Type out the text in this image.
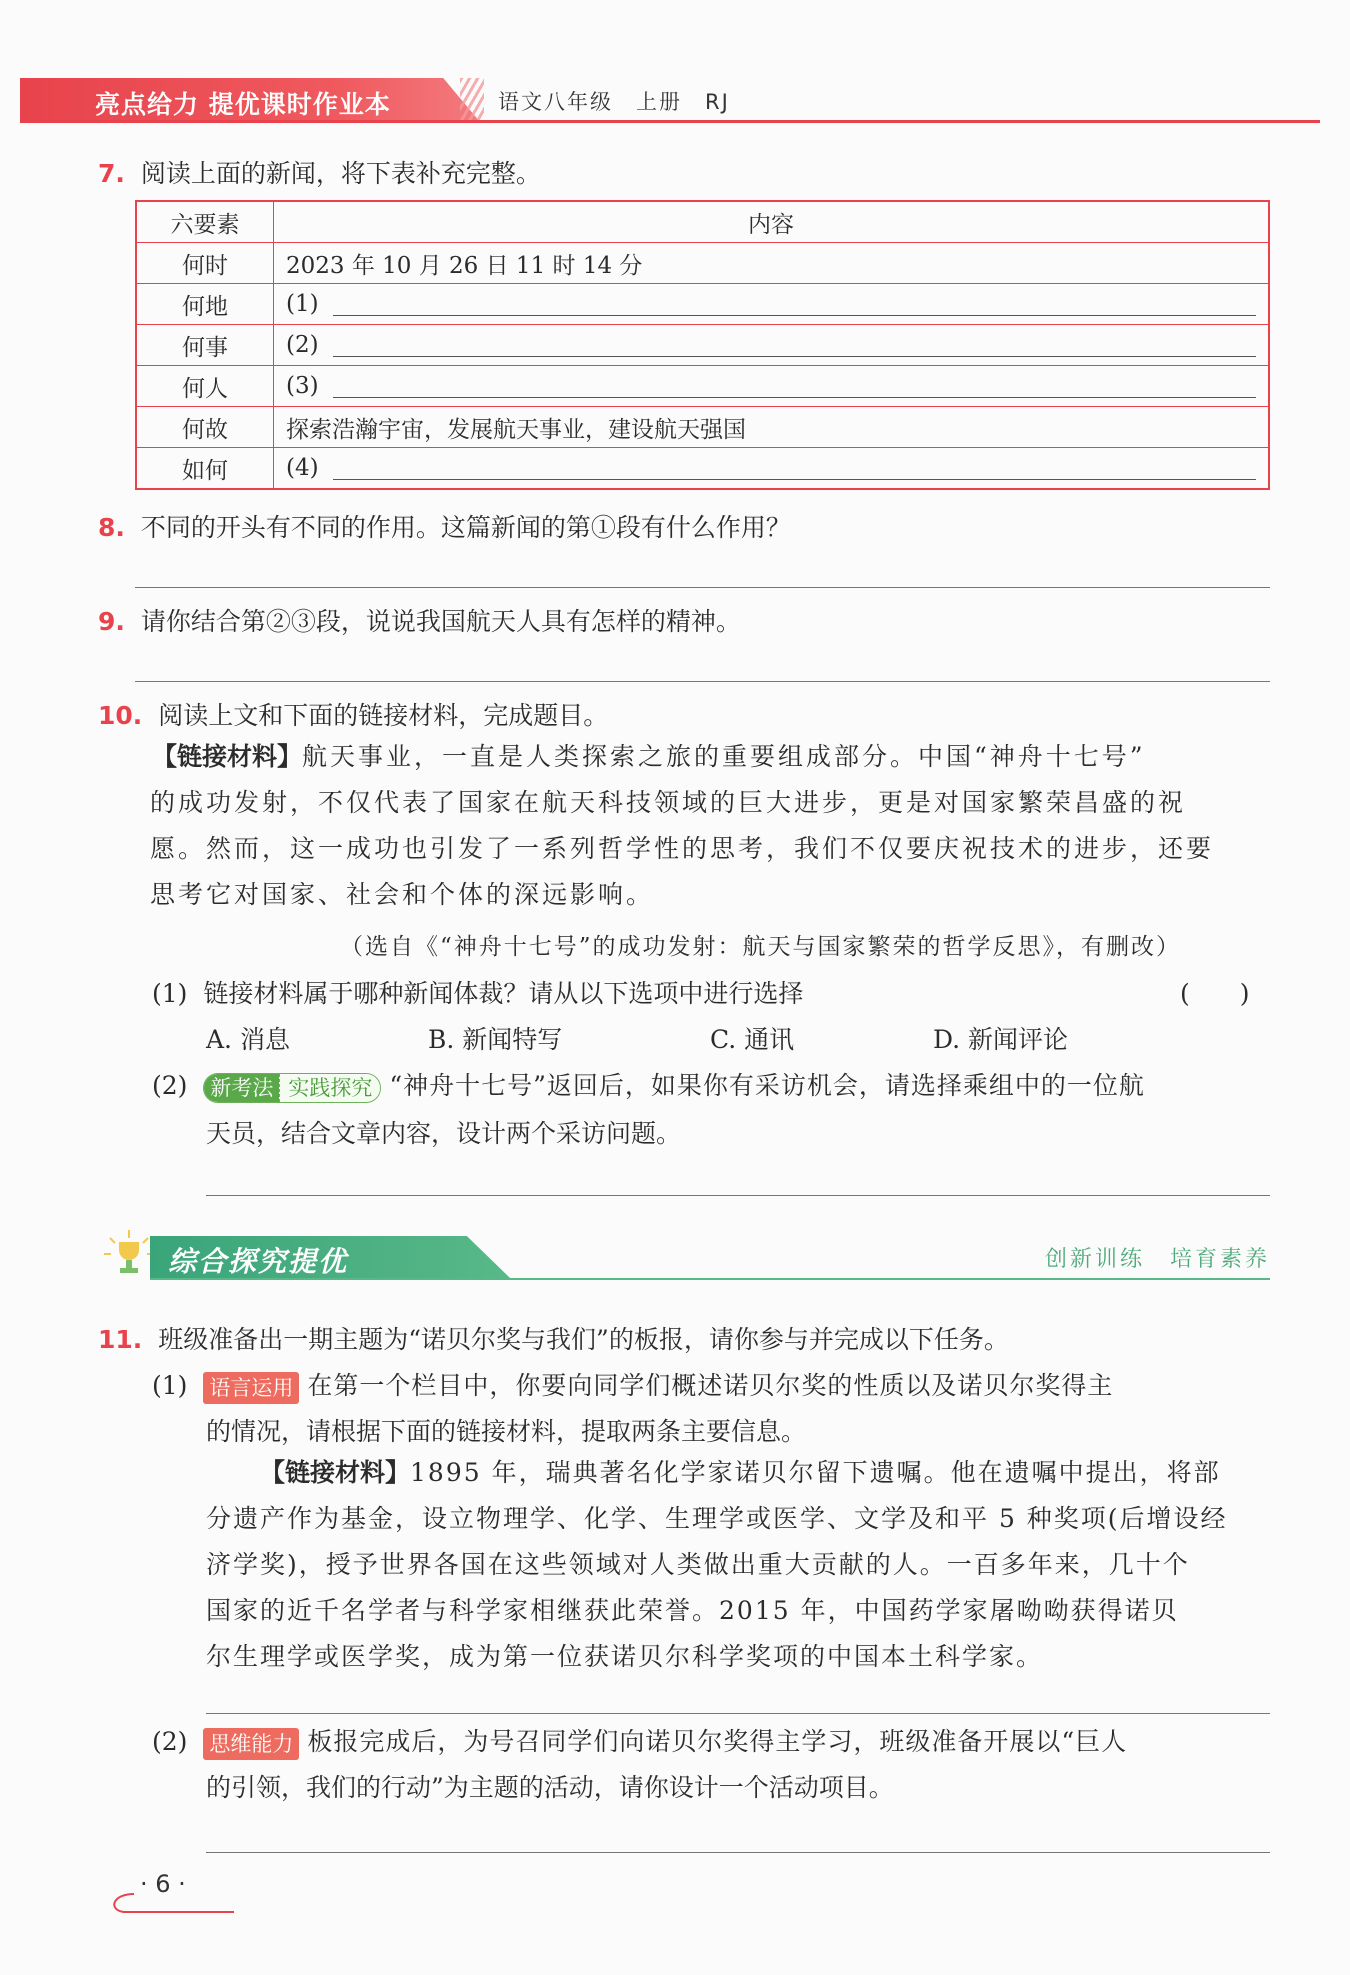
亮点给力 提优课时作业本	语文八年级　上册　RJ
7. 阅读上面的新闻，将下表补充完整。
六要素	内容
何时	2023 年 10 月 26 日 11 时 14 分
何地	(1)

何事	(2)

何人	(3)

何故	探索浩瀚宇宙，发展航天事业，建设航天强国
如何	(4)
8. 不同的开头有不同的作用。这篇新闻的第①段有什么作用？
9. 请你结合第②③段，说说我国航天人具有怎样的精神。
10. 阅读上文和下面的链接材料，完成题目。
【链接材料】航天事业，一直是人类探索之旅的重要组成部分。中国“神舟十七号”
的成功发射，不仅代表了国家在航天科技领域的巨大进步，更是对国家繁荣昌盛的祝
愿。然而，这一成功也引发了一系列哲学性的思考，我们不仅要庆祝技术的进步，还要
思考它对国家、社会和个体的深远影响。
（选自《“神舟十七号”的成功发射：航天与国家繁荣的哲学反思》，有删改）
(1) 链接材料属于哪种新闻体裁？请从以下选项中进行选择	(　　)
A. 消息	B. 新闻特写	C. 通讯	D. 新闻评论
(2) 新考法 实践探究 “神舟十七号”返回后，如果你有采访机会，请选择乘组中的一位航
天员，结合文章内容，设计两个采访问题。
综合探究提优	创新训练　培育素养
11. 班级准备出一期主题为“诺贝尔奖与我们”的板报，请你参与并完成以下任务。
(1) 语言运用 在第一个栏目中，你要向同学们概述诺贝尔奖的性质以及诺贝尔奖得主
的情况，请根据下面的链接材料，提取两条主要信息。
【链接材料】1895 年，瑞典著名化学家诺贝尔留下遗嘱。他在遗嘱中提出，将部
分遗产作为基金，设立物理学、化学、生理学或医学、文学及和平 5 种奖项(后增设经
济学奖)，授予世界各国在这些领域对人类做出重大贡献的人。一百多年来，几十个
国家的近千名学者与科学家相继获此荣誉。2015 年，中国药学家屠呦呦获得诺贝
尔生理学或医学奖，成为第一位获诺贝尔科学奖项的中国本土科学家。
(2) 思维能力 板报完成后，为号召同学们向诺贝尔奖得主学习，班级准备开展以“巨人
的引领，我们的行动”为主题的活动，请你设计一个活动项目。
· 6 ·
